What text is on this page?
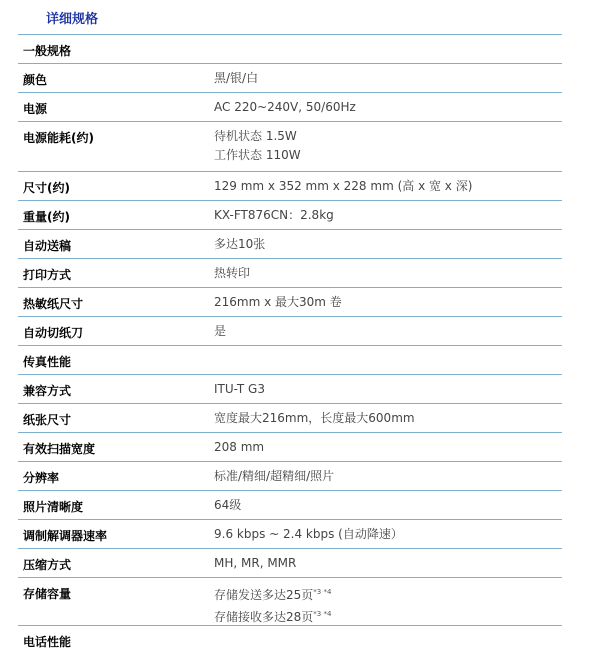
详细规格
一般规格
颜色	黑/银/白
电源	AC 220~240V, 50/60Hz
电源能耗(约)	待机状态 1.5W
工作状态 110W
尺寸(约)	129 mm x 352 mm x 228 mm (高 x 宽 x 深)
重量(约)	KX-FT876CN：2.8kg
自动送稿	多达10张
打印方式	热转印
热敏纸尺寸	216mm x 最大30m 卷
自动切纸刀	是
传真性能
兼容方式	ITU-T G3
纸张尺寸	宽度最大216mm，长度最大600mm
有效扫描宽度	208 mm
分辨率	标准/精细/超精细/照片
照片清晰度	64级
调制解调器速率	9.6 kbps ~ 2.4 kbps (自动降速）
压缩方式	MH, MR, MMR
存储容量	存储发送多达25页$^{*3 *4}$
存储接收多达28页$^{*3 *4}$
电话性能
